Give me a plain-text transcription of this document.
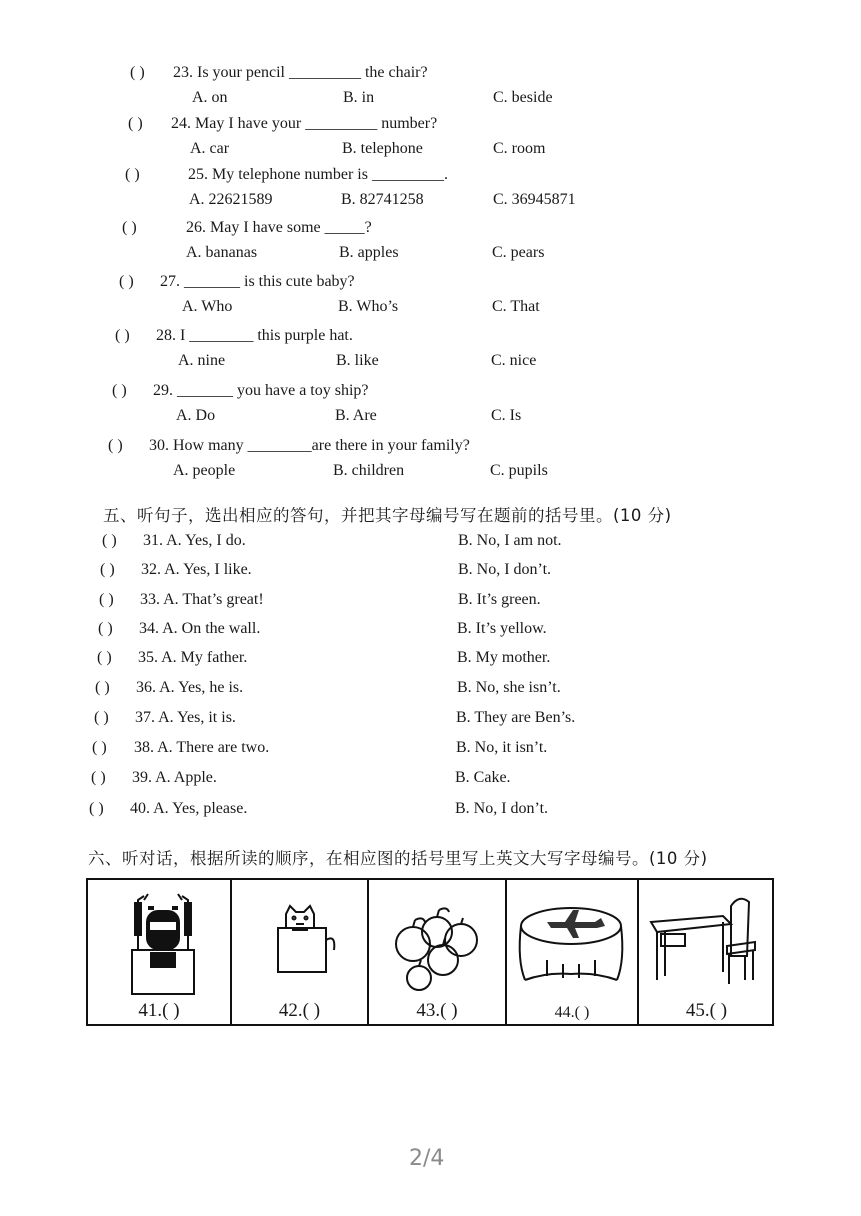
( ) 23. Is your pencil _________ the chair?
A. on	B. in	C. beside
( ) 24. May I have your _________ number?
A. car	B. telephone	C. room
( )	25. My telephone number is _________.
A. 22621589	B. 82741258	C. 36945871
( )	26. May I have some _____?
A. bananas	B. apples	C. pears
( ) 27. _______ is this cute baby?
A. Who	B. Who’s	C. That
( ) 28. I ________ this purple hat.
A. nine	B. like	C. nice
( ) 29. _______ you have a toy ship?
A. Do	B. Are	C. Is
( ) 30. How many ________are there in your family?
A. people	B. children	C. pupils
五、听句子，选出相应的答句，并把其字母编号写在题前的括号里。(10 分)
( ) 31. A. Yes, I do.	B. No, I am not.
( ) 32. A. Yes, I like.	B. No, I don’t.
( ) 33. A. That’s great!	B. It’s green.
( ) 34. A. On the wall.	B. It’s yellow.
( ) 35. A. My father.	B. My mother.
( ) 36. A. Yes, he is.	B. No, she isn’t.
( ) 37. A. Yes, it is.	B. They are Ben’s.
( ) 38. A. There are two.	B. No, it isn’t.
( ) 39. A. Apple.	B. Cake.
( ) 40. A. Yes, please.	B. No, I don’t.
六、听对话，根据所读的顺序，在相应图的括号里写上英文大写字母编号。(10 分)
41.( )	42.( )	43.( )	44.( )	45.( )
2/4
